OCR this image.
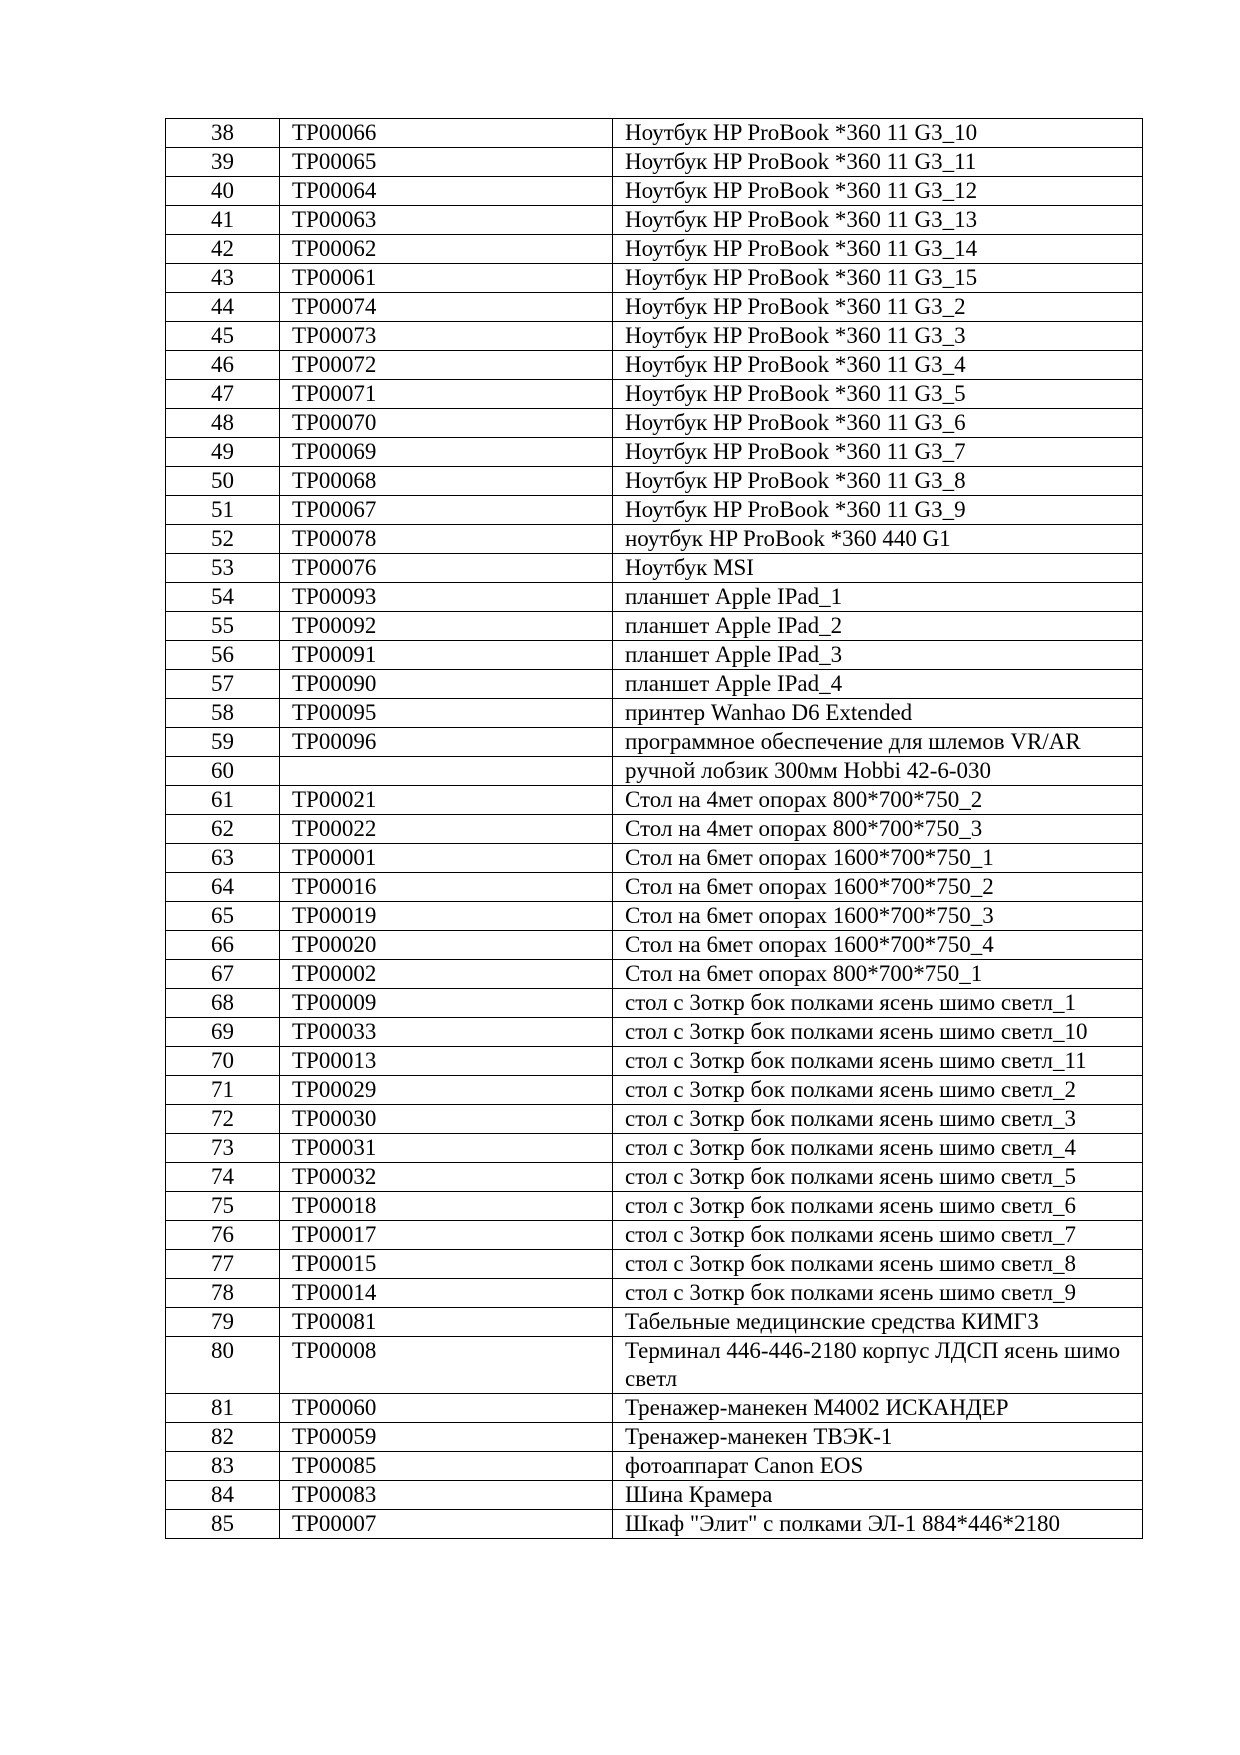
38	ТР00066	Ноутбук HP ProBook *360 11 G3_10
39	ТР00065	Ноутбук HP ProBook *360 11 G3_11
40	ТР00064	Ноутбук HP ProBook *360 11 G3_12
41	ТР00063	Ноутбук HP ProBook *360 11 G3_13
42	ТР00062	Ноутбук HP ProBook *360 11 G3_14
43	ТР00061	Ноутбук HP ProBook *360 11 G3_15
44	ТР00074	Ноутбук HP ProBook *360 11 G3_2
45	ТР00073	Ноутбук HP ProBook *360 11 G3_3
46	ТР00072	Ноутбук HP ProBook *360 11 G3_4
47	ТР00071	Ноутбук HP ProBook *360 11 G3_5
48	ТР00070	Ноутбук HP ProBook *360 11 G3_6
49	ТР00069	Ноутбук HP ProBook *360 11 G3_7
50	ТР00068	Ноутбук HP ProBook *360 11 G3_8
51	ТР00067	Ноутбук HP ProBook *360 11 G3_9
52	ТР00078	ноутбук HP ProBook *360 440 G1
53	ТР00076	Ноутбук MSI
54	ТР00093	планшет Apple IPad_1
55	ТР00092	планшет Apple IPad_2
56	ТР00091	планшет Apple IPad_3
57	ТР00090	планшет Apple IPad_4
58	ТР00095	принтер Wanhao D6 Extended
59	ТР00096	программное обеспечение для шлемов VR/AR
60		ручной лобзик 300мм Hobbi 42-6-030
61	ТР00021	Стол на 4мет опорах 800*700*750_2
62	ТР00022	Стол на 4мет опорах 800*700*750_3
63	ТР00001	Стол на 6мет опорах 1600*700*750_1
64	ТР00016	Стол на 6мет опорах 1600*700*750_2
65	ТР00019	Стол на 6мет опорах 1600*700*750_3
66	ТР00020	Стол на 6мет опорах 1600*700*750_4
67	ТР00002	Стол на 6мет опорах 800*700*750_1
68	ТР00009	стол с 3откр бок полками ясень шимо светл_1
69	ТР00033	стол с 3откр бок полками ясень шимо светл_10
70	ТР00013	стол с 3откр бок полками ясень шимо светл_11
71	ТР00029	стол с 3откр бок полками ясень шимо светл_2
72	ТР00030	стол с 3откр бок полками ясень шимо светл_3
73	ТР00031	стол с 3откр бок полками ясень шимо светл_4
74	ТР00032	стол с 3откр бок полками ясень шимо светл_5
75	ТР00018	стол с 3откр бок полками ясень шимо светл_6
76	ТР00017	стол с 3откр бок полками ясень шимо светл_7
77	ТР00015	стол с 3откр бок полками ясень шимо светл_8
78	ТР00014	стол с 3откр бок полками ясень шимо светл_9
79	ТР00081	Табельные медицинские средства КИМГЗ
80	ТР00008	Терминал 446-446-2180 корпус ЛДСП ясень шимо светл
81	ТР00060	Тренажер-манекен М4002 ИСКАНДЕР
82	ТР00059	Тренажер-манекен ТВЭК-1
83	ТР00085	фотоаппарат Canon EOS
84	ТР00083	Шина Крамера
85	ТР00007	Шкаф "Элит" с полками ЭЛ-1 884*446*2180
